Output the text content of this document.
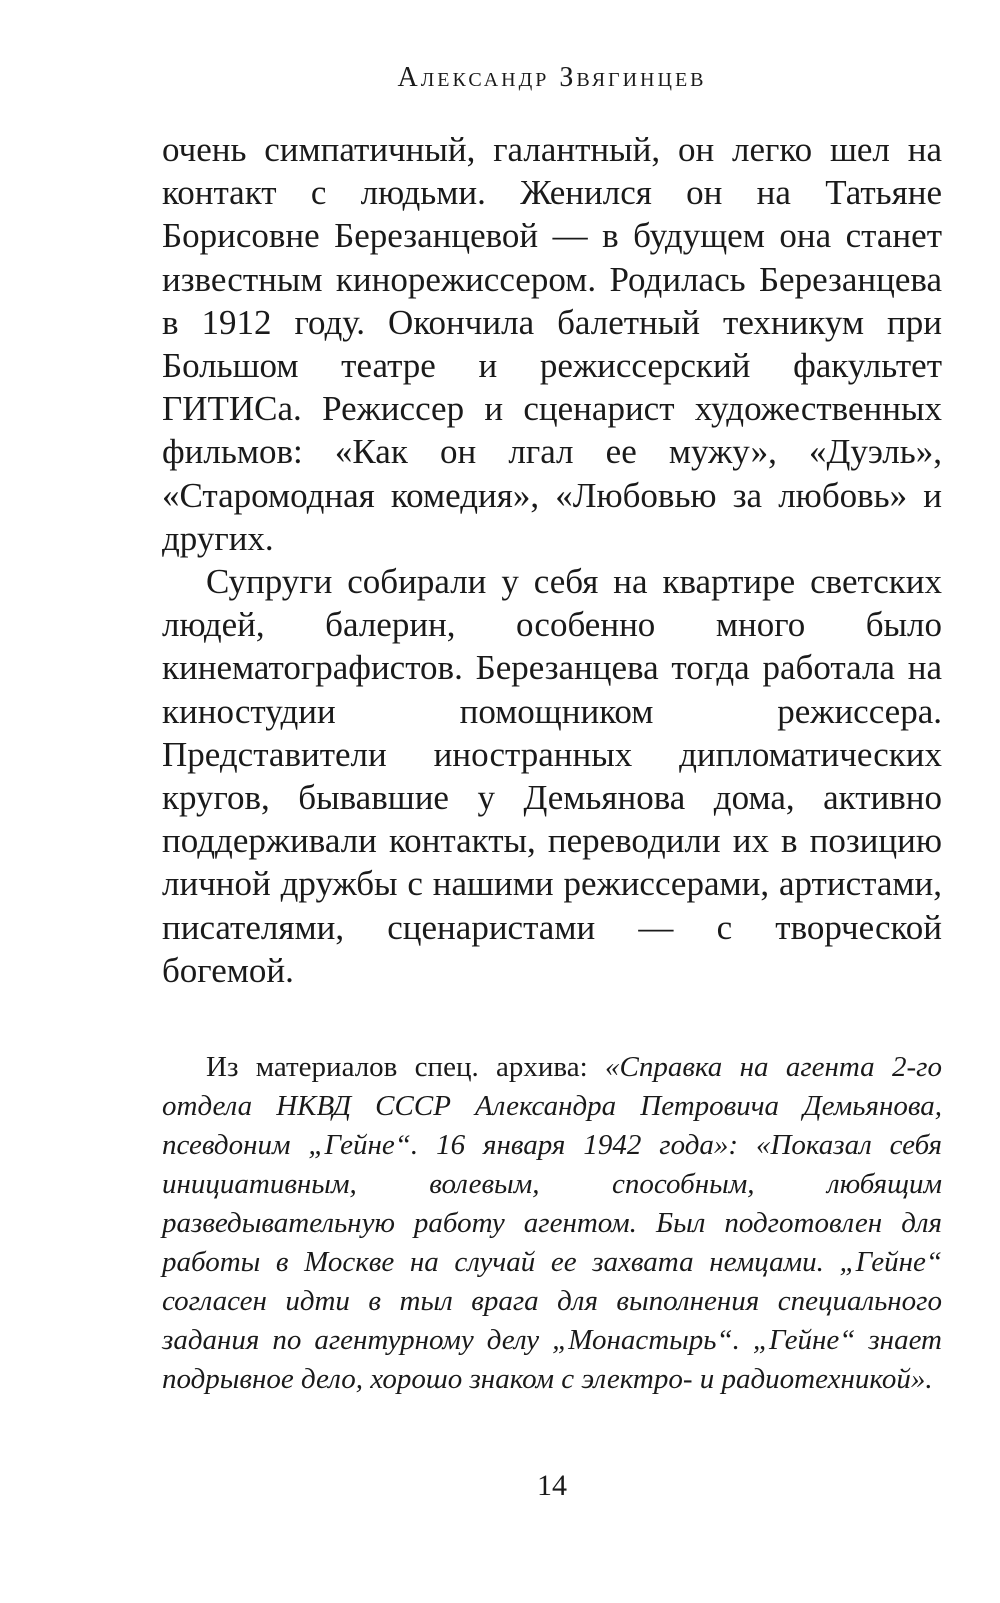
Александр Звягинцев

очень симпатичный, галантный, он легко шел на контакт с людьми. Женился он на Татьяне Борисовне Березанцевой — в будущем она станет известным кинорежиссером. Родилась Березанцева в 1912 году. Окончила балетный техникум при Большом театре и режиссерский факультет ГИТИСа. Режиссер и сценарист художественных фильмов: «Как он лгал ее мужу», «Дуэль», «Старомодная комедия», «Любовью за любовь» и других.

Супруги собирали у себя на квартире светских людей, балерин, особенно много было кинематографистов. Березанцева тогда работала на киностудии помощником режиссера. Представители иностранных дипломатических кругов, бывавшие у Демьянова дома, активно поддерживали контакты, переводили их в позицию личной дружбы с нашими режиссерами, артистами, писателями, сценаристами — с творческой богемой.

Из материалов спец. архива: «Справка на агента 2-го отдела НКВД СССР Александра Петровича Демьянова, псевдоним „Гейне“. 16 января 1942 года»: «Показал себя инициативным, волевым, способным, любящим разведывательную работу агентом. Был подготовлен для работы в Москве на случай ее захвата немцами. „Гейне“ согласен идти в тыл врага для выполнения специального задания по агентурному делу „Монастырь“. „Гейне“ знает подрывное дело, хорошо знаком с электро- и радиотехникой».
14
